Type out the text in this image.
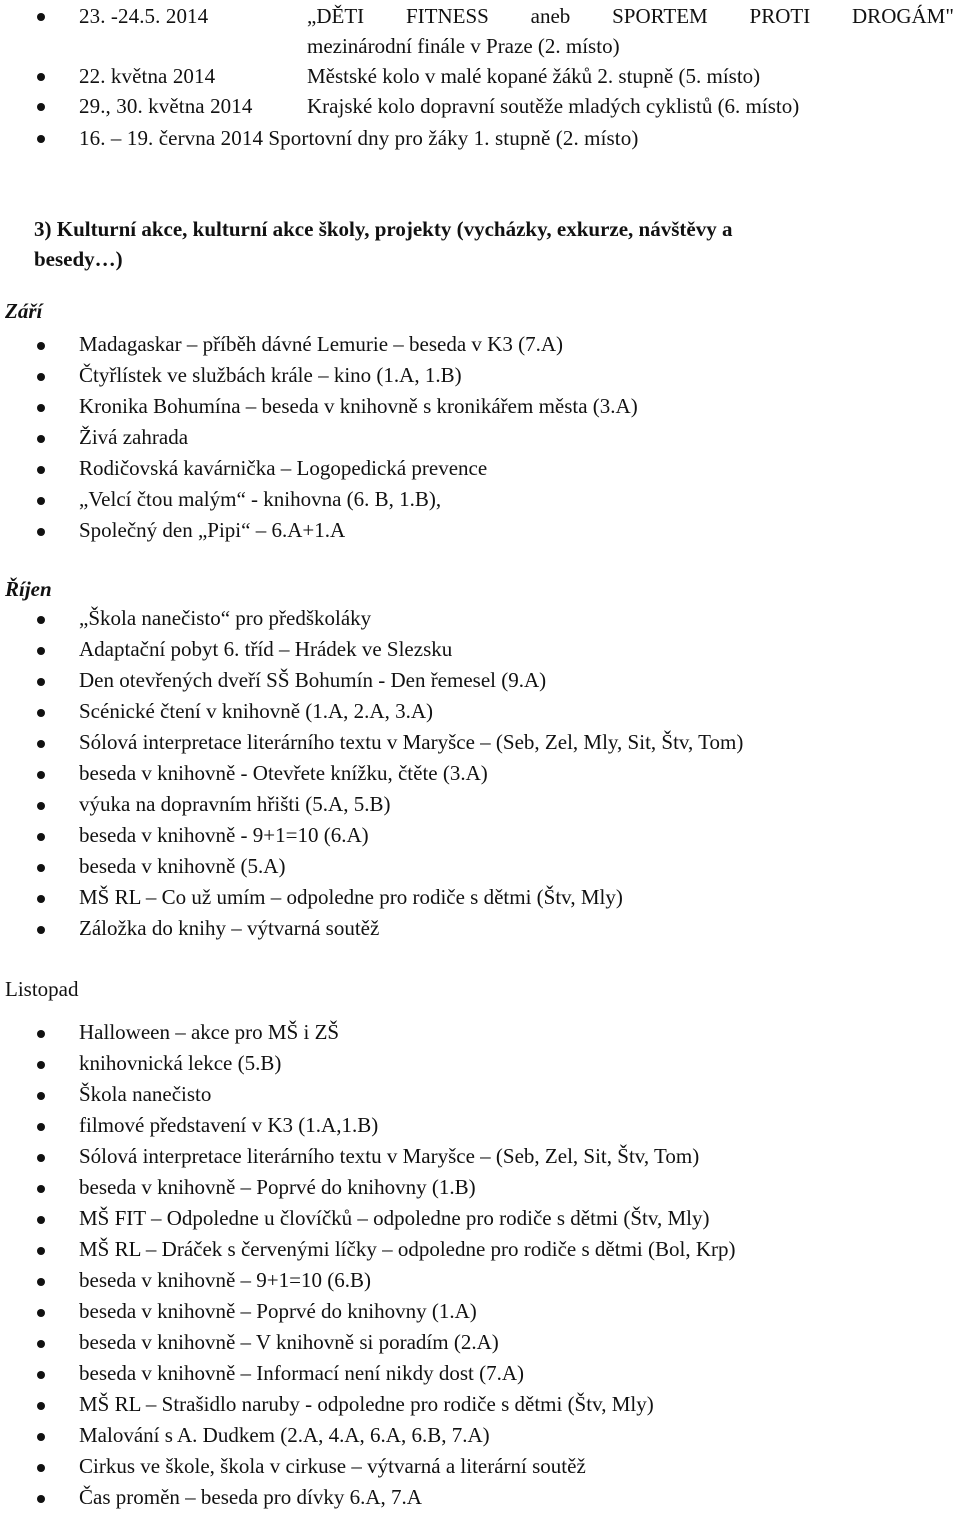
23. -24.5. 2014	„DĚTI FITNESS aneb SPORTEM PROTI DROGÁM"
mezinárodní finále v Praze (2. místo)
22. května 2014	Městské kolo v malé kopané žáků 2. stupně (5. místo)
29., 30. května 2014	Krajské kolo dopravní soutěže mladých cyklistů (6. místo)
16. – 19. června 2014 Sportovní dny pro žáky 1. stupně (2. místo)
3) Kulturní akce, kulturní akce školy, projekty (vycházky, exkurze, návštěvy a
besedy…)
Září
Madagaskar – příběh dávné Lemurie – beseda v K3 (7.A)
Čtyřlístek ve službách krále – kino (1.A, 1.B)
Kronika Bohumína – beseda v knihovně s kronikářem města (3.A)
Živá zahrada
Rodičovská kavárnička – Logopedická prevence
„Velcí čtou malým“ - knihovna (6. B, 1.B),
Společný den „Pipi“ – 6.A+1.A
Říjen
„Škola nanečisto“ pro předškoláky
Adaptační pobyt 6. tříd – Hrádek ve Slezsku
Den otevřených dveří SŠ Bohumín - Den řemesel (9.A)
Scénické čtení v knihovně (1.A, 2.A, 3.A)
Sólová interpretace literárního textu v Maryšce – (Seb, Zel, Mly, Sit, Štv, Tom)
beseda v knihovně - Otevřete knížku, čtěte (3.A)
výuka na dopravním hřišti (5.A, 5.B)
beseda v knihovně - 9+1=10 (6.A)
beseda v knihovně (5.A)
MŠ RL – Co už umím – odpoledne pro rodiče s dětmi (Štv, Mly)
Záložka do knihy – výtvarná soutěž
Listopad
Halloween – akce pro MŠ i ZŠ
knihovnická lekce (5.B)
Škola nanečisto
filmové představení v K3 (1.A,1.B)
Sólová interpretace literárního textu v Maryšce – (Seb, Zel, Sit, Štv, Tom)
beseda v knihovně – Poprvé do knihovny (1.B)
MŠ FIT – Odpoledne u človíčků – odpoledne pro rodiče s dětmi (Štv, Mly)
MŠ RL – Dráček s červenými líčky – odpoledne pro rodiče s dětmi (Bol, Krp)
beseda v knihovně – 9+1=10 (6.B)
beseda v knihovně – Poprvé do knihovny (1.A)
beseda v knihovně – V knihovně si poradím (2.A)
beseda v knihovně – Informací není nikdy dost (7.A)
MŠ RL – Strašidlo naruby - odpoledne pro rodiče s dětmi (Štv, Mly)
Malování s A. Dudkem (2.A, 4.A, 6.A, 6.B, 7.A)
Cirkus ve škole, škola v cirkuse – výtvarná a literární soutěž
Čas proměn – beseda pro dívky 6.A, 7.A
